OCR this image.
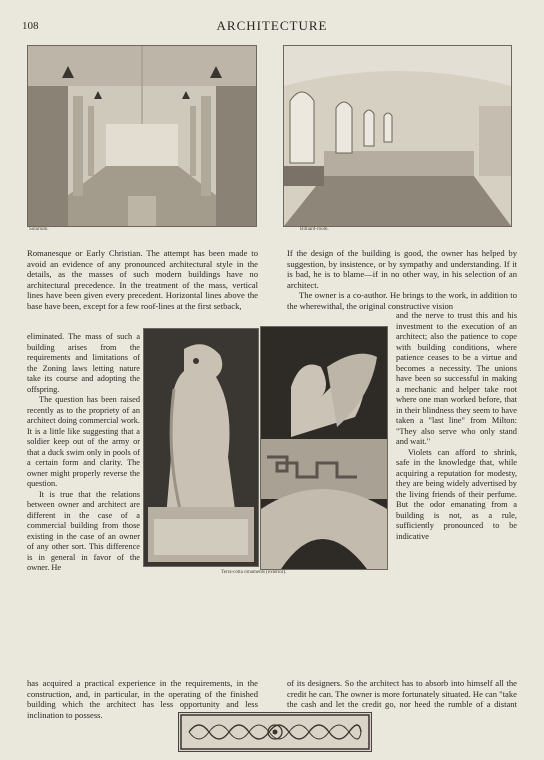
108	ARCHITECTURE
Solarium.	Billiard-room.

Romanesque or Early Christian. The attempt has been made to avoid an evidence of any pronounced architectural style in the details, as the masses of such modern buildings have no architectural precedence. In the treatment of the mass, vertical lines have been given every precedent. Horizontal lines above the base have been, except for a few roof-lines at the first setback,

eliminated. The mass of such a building arises from the requirements and limitations of the Zoning laws letting nature take its course and adopting the offspring.

The question has been raised recently as to the propriety of an architect doing commercial work. It is a little like suggesting that a soldier keep out of the army or that a duck swim only in pools of a certain form and clarity. The owner might properly reverse the question.

It is true that the relations between owner and architect are different in the case of a commercial building from those existing in the case of an owner of any other sort. This difference is in general in favor of the owner. He

has acquired a practical experience in the requirements, in the construction, and, in particular, in the operating of the finished building which the architect has less opportunity and less inclination to possess.

Terra-cotta ornaments (exterior).

If the design of the building is good, the owner has helped by suggestion, by insistence, or by sympathy and understanding. If it is bad, he is to blame—if in no other way, in his selection of an architect.

The owner is a co-author. He brings to the work, in addition to the wherewithal, the original constructive vision

and the nerve to trust this and his investment to the execution of an architect; also the patience to cope with building conditions, where patience ceases to be a virtue and becomes a necessity. The unions have been so successful in making a mechanic and helper take root where one man worked before, that in their blindness they seem to have taken a "last line" from Milton: "They also serve who only stand and wait."

Violets can afford to shrink, safe in the knowledge that, while acquiring a reputation for modesty, they are being widely advertised by the living friends of their perfume. But the odor emanating from a building is not, as a rule, sufficiently pronounced to be indicative

of its designers. So the architect has to absorb into himself all the credit he can. The owner is more fortunately situated. He can "take the cash and let the credit go, nor heed the rumble of a distant
